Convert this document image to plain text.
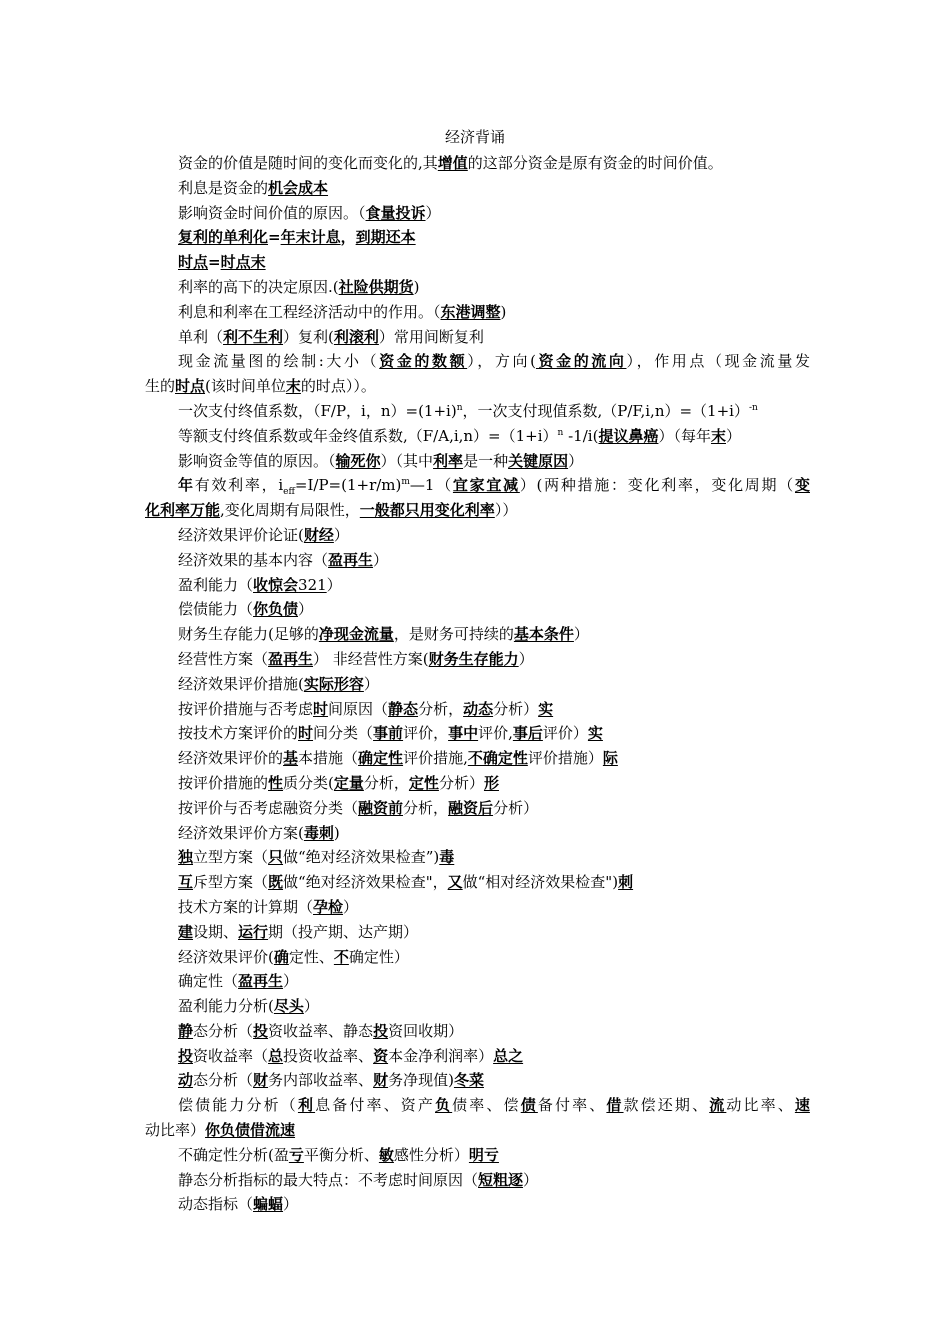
经济背诵
资金的价值是随时间的变化而变化的,其增值的这部分资金是原有资金的时间价值。
利息是资金的机会成本
影响资金时间价值的原因。（食量投诉）
复利的单利化=年末计息，到期还本
时点=时点末
利率的高下的决定原因.(社险供期货)
利息和利率在工程经济活动中的作用。（东港调整)
单利（利不生利）复利(利滚利）常用间断复利
现金流量图的绘制:大小（资金的数额），方向(资金的流向），作用点（现金流量发
生的时点(该时间单位末的时点））。
一次支付终值系数，（F/P，i，$n)=(1+i)^n$，一次支付现值系数$,(P/F,i,n)=(1+i)^{-n}$
等额支付终值系数或年金终值系数$,(F/A,i,n)=(1+i)^n$ -1/i(提议鼻癌）（每年末）
影响资金等值的原因。（输死你）（其中利率是一种关键原因）
年有效利率，$i_{eff}=I/P=(1+r/m)^m—1$（宜家宜减）(两种措施：变化利率，变化周期（变
化利率万能,变化周期有局限性，一般都只用变化利率））
经济效果评价论证(财经）
经济效果的基本内容（盈再生）
盈利能力（收惊会321）
偿债能力（你负债）
财务生存能力(足够的净现金流量，是财务可持续的基本条件）
经营性方案（盈再生） 非经营性方案(财务生存能力）
经济效果评价措施(实际形容）
按评价措施与否考虑时间原因（静态分析，动态分析）实
按技术方案评价的时间分类（事前评价，事中评价,事后评价）实
经济效果评价的基本措施（确定性评价措施,不确定性评价措施）际
按评价措施的性质分类(定量分析，定性分析）形
按评价与否考虑融资分类（融资前分析，融资后分析）
经济效果评价方案(毒刺)
独立型方案（只做“绝对经济效果检查”)毒
互斥型方案（既做“绝对经济效果检查"，又做“相对经济效果检查")刺
技术方案的计算期（孕检）
建设期、运行期（投产期、达产期）
经济效果评价(确定性、不确定性）
确定性（盈再生）
盈利能力分析(尽头）
静态分析（投资收益率、静态投资回收期）
投资收益率（总投资收益率、资本金净利润率）总之
动态分析（财务内部收益率、财务净现值)冬菜
偿债能力分析（利息备付率、资产负债率、偿债备付率、借款偿还期、流动比率、速
动比率）你负债借流速
不确定性分析(盈亏平衡分析、敏感性分析）明亏
静态分析指标的最大特点：不考虑时间原因（短粗逐）
动态指标（蝙蝠）
